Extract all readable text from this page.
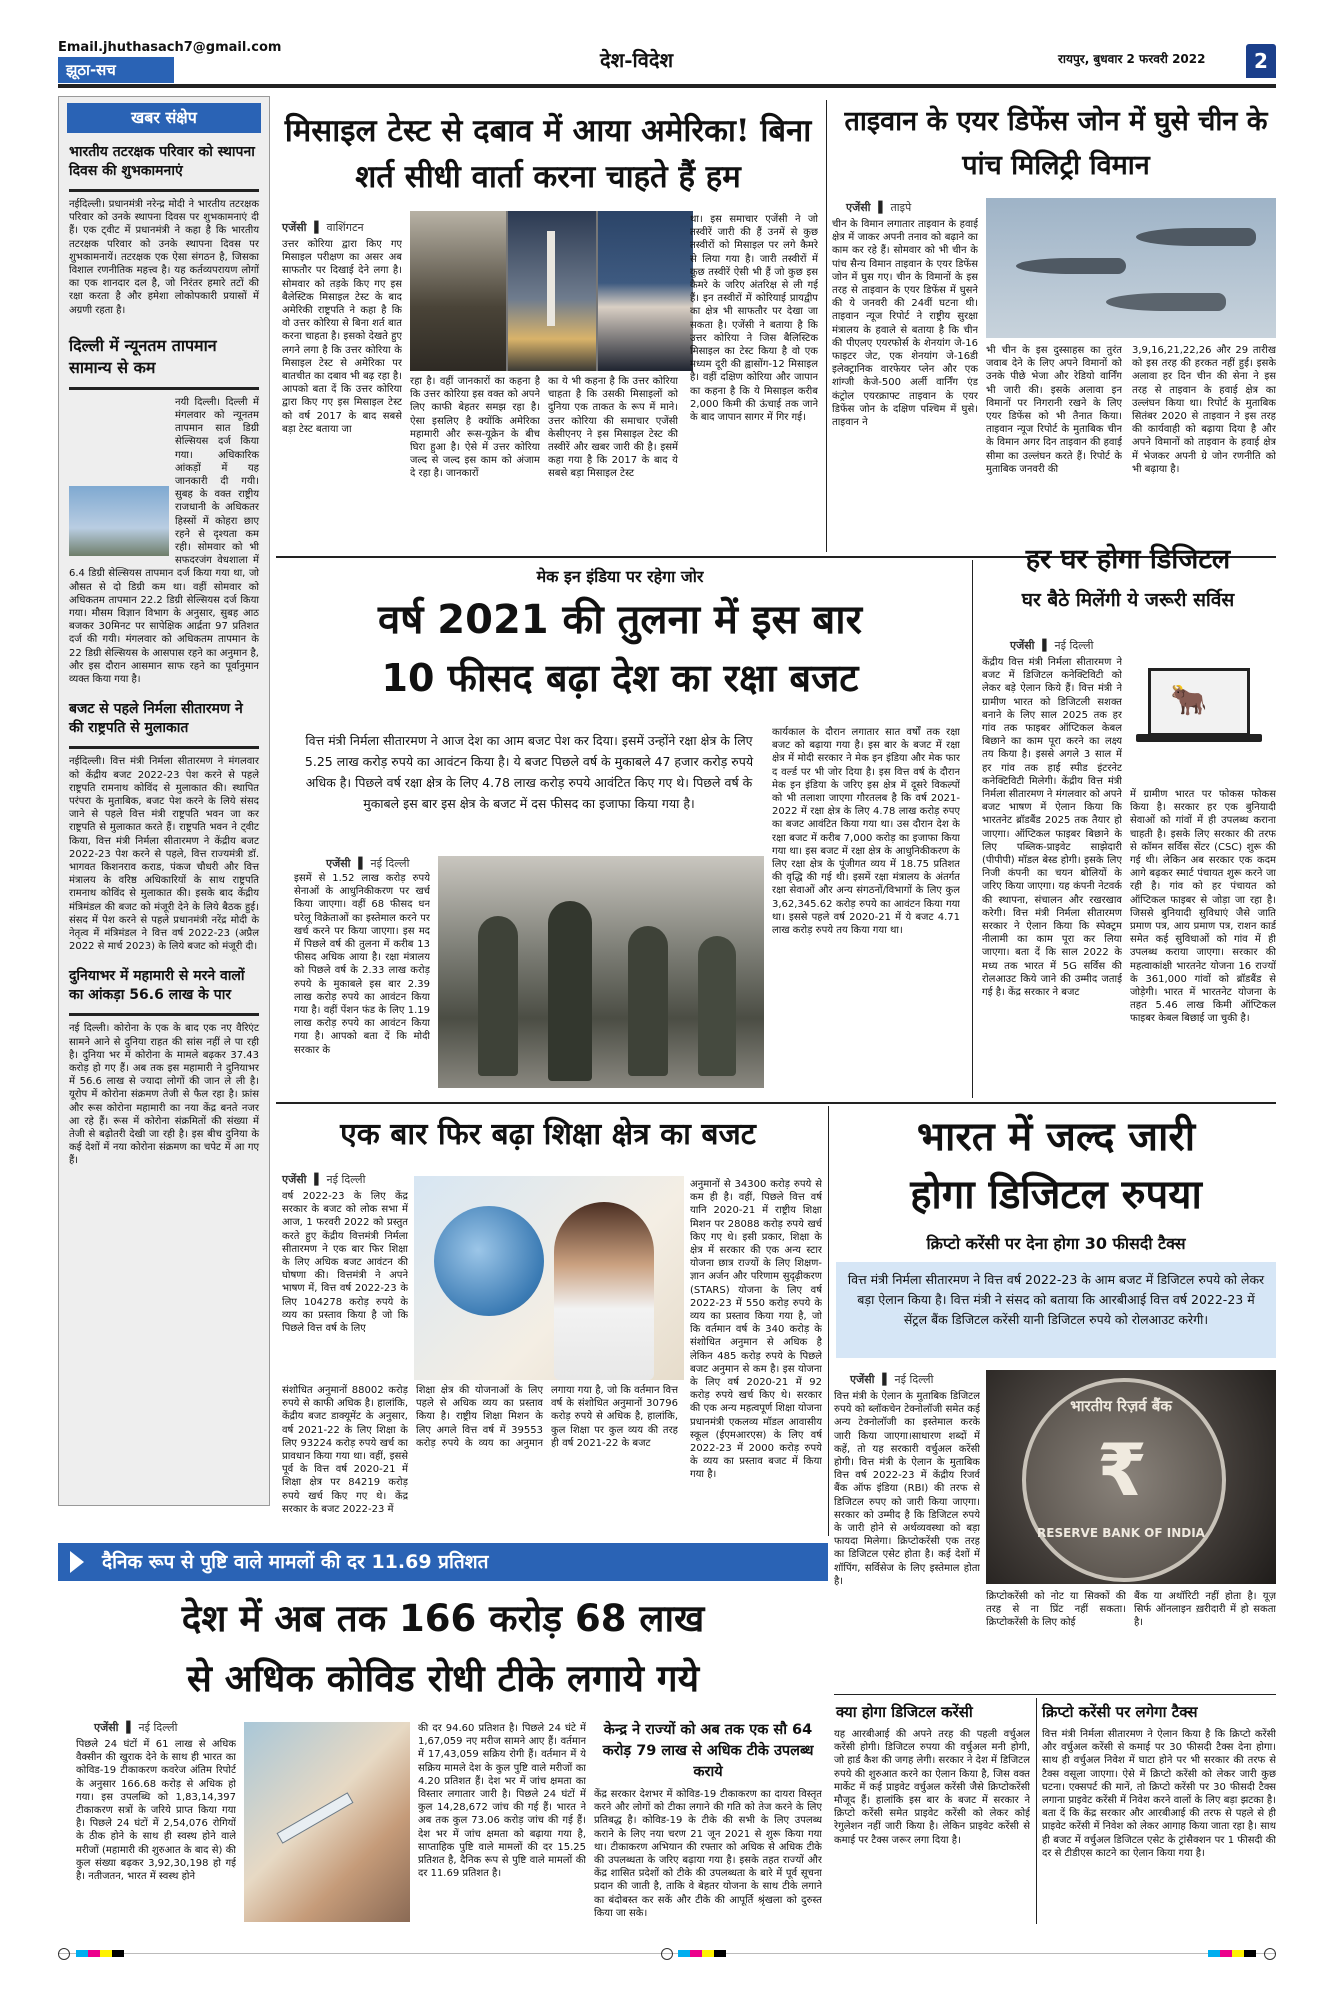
Email.jhuthasach7@gmail.com
झूठा-सच	देश-विदेश	रायपुर, बुधवार 2 फरवरी 2022	2
खबर संक्षेप
भारतीय तटरक्षक परिवार को स्थापना दिवस की शुभकामनाएं
नईदिल्ली। प्रधानमंत्री नरेन्द्र मोदी ने भारतीय तटरक्षक परिवार को उनके स्थापना दिवस पर शुभकामनाएं दी हैं। एक ट्वीट में प्रधानमंत्री ने कहा है कि भारतीय तटरक्षक परिवार को उनके स्थापना दिवस पर शुभकामनायें। तटरक्षक एक ऐसा संगठन है, जिसका विशाल रणनीतिक महत्त्व है। यह कर्तव्यपरायण लोगों का एक शानदार दल है, जो निरंतर हमारे तटों की रक्षा करता है और हमेशा लोकोपकारी प्रयासों में अग्रणी रहता है।
दिल्ली में न्यूनतम तापमान सामान्य से कम
नयी दिल्ली। दिल्ली में मंगलवार को न्यूनतम तापमान सात डिग्री सेल्सियस दर्ज किया गया। अधिकारिक आंकड़ों में यह जानकारी दी गयी। सुबह के वक्त राष्ट्रीय राजधानी के अधिकतर हिस्सों में कोहरा छाए रहने से दृश्यता कम रही। सोमवार को भी सफदरजंग वेधशाला में 6.4 डिग्री सेल्सियस तापमान दर्ज किया गया था, जो औसत से दो डिग्री कम था। वहीं सोमवार को अधिकतम तापमान 22.2 डिग्री सेल्सियस दर्ज किया गया। मौसम विज्ञान विभाग के अनुसार, सुबह आठ बजकर 30मिनट पर सापेक्षिक आर्द्रता 97 प्रतिशत दर्ज की गयी। मंगलवार को अधिकतम तापमान के 22 डिग्री सेल्सियस के आसपास रहने का अनुमान है, और इस दौरान आसमान साफ रहने का पूर्वानुमान व्यक्त किया गया है।
बजट से पहले निर्मला सीतारमण ने की राष्ट्रपति से मुलाकात
नईदिल्ली। वित्त मंत्री निर्मला सीतारमण ने मंगलवार को केंद्रीय बजट 2022-23 पेश करने से पहले राष्ट्रपति रामनाथ कोविंद से मुलाकात की। स्थापित परंपरा के मुताबिक, बजट पेश करने के लिये संसद जाने से पहले वित्त मंत्री राष्ट्रपति भवन जा कर राष्ट्रपति से मुलाकात करते हैं। राष्ट्रपति भवन ने ट्वीट किया, वित्त मंत्री निर्मला सीतारमण ने केंद्रीय बजट 2022-23 पेश करने से पहले, वित्त राज्यमंत्री डॉ. भागवत किशनराव कराड, पंकज चौधरी और वित्त मंत्रालय के वरिष्ठ अधिकारियों के साथ राष्ट्रपति रामनाथ कोविंद से मुलाकात की। इसके बाद केंद्रीय मंत्रिमंडल की बजट को मंजूरी देने के लिये बैठक हुई। संसद में पेश करने से पहले प्रधानमंत्री नरेंद्र मोदी के नेतृत्व में मंत्रिमंडल ने वित्त वर्ष 2022-23 (अप्रैल 2022 से मार्च 2023) के लिये बजट को मंजूरी दी।
दुनियाभर में महामारी से मरने वालों का आंकड़ा 56.6 लाख के पार
नई दिल्ली। कोरोना के एक के बाद एक नए वैरिएंट सामने आने से दुनिया राहत की सांस नहीं ले पा रही है। दुनिया भर में कोरोना के मामले बढ़कर 37.43 करोड़ हो गए हैं। अब तक इस महामारी ने दुनियाभर में 56.6 लाख से ज्यादा लोगों की जान ले ली है। यूरोप में कोरोना संक्रमण तेजी से फैल रहा है। फ्रांस और रूस कोरोना महामारी का नया केंद्र बनते नजर आ रहे हैं। रूस में कोरोना संक्रमितों की संख्या में तेजी से बढ़ोतरी देखी जा रही है। इस बीच दुनिया के कई देशों में नया कोरोना संक्रमण का चपेट में आ गए हैं।
मिसाइल टेस्ट से दबाव में आया अमेरिका! बिना शर्त सीधी वार्ता करना चाहते हैं हम
एजेंसी  ▌ वाशिंगटन
उत्तर कोरिया द्वारा किए गए मिसाइल परीक्षण का असर अब साफतौर पर दिखाई देने लगा है। सोमवार को तड़के किए गए इस बैलेस्टिक मिसाइल टेस्ट के बाद अमेरिकी राष्ट्रपति ने कहा है कि वो उत्तर कोरिया से बिना शर्त बात करना चाहता है। इसको देखते हुए लगने लगा है कि उत्तर कोरिया के मिसाइल टेस्ट से अमेरिका पर बातचीत का दबाव भी बढ़ रहा है। आपको बता दें कि उत्तर कोरिया द्वारा किए गए इस मिसाइल टेस्ट को वर्ष 2017 के बाद सबसे बड़ा टेस्ट बताया जा
रहा है। वहीं जानकारों का कहना है कि उत्तर कोरिया इस वक्त को अपने लिए काफी बेहतर समझ रहा है। ऐसा इसलिए है क्योंकि अमेरिका महामारी और रूस-यूक्रेन के बीच घिरा हुआ है। ऐसे में उत्तर कोरिया जल्द से जल्द इस काम को अंजाम दे रहा है। जानकारों
का ये भी कहना है कि उत्तर कोरिया चाहता है कि उसकी मिसाइलों को दुनिया एक ताकत के रूप में माने। उत्तर कोरिया की समाचार एजेंसी केसीएनए ने इस मिसाइल टेस्ट की तस्वीरें और खबर जारी की है। इसमें कहा गया है कि 2017 के बाद ये सबसे बड़ा मिसाइल टेस्ट
था। इस समाचार एजेंसी ने जो तस्वीरें जारी की हैं उनमें से कुछ तस्वीरों को मिसाइल पर लगे कैमरे से लिया गया है। जारी तस्वीरों में कुछ तस्वीरें ऐसी भी हैं जो कुछ इस कैमरे के जरिए अंतरिक्ष से ली गई हैं। इन तस्वीरों में कोरियाई प्रायद्वीप का क्षेत्र भी साफतौर पर देखा जा सकता है। एजेंसी ने बताया है कि उत्तर कोरिया ने जिस बैलिस्टिक मिसाइल का टेस्ट किया है वो एक मध्यम दूरी की ह्वासोंग-12 मिसाइल है। वहीं दक्षिण कोरिया और जापान का कहना है कि ये मिसाइल करीब 2,000 किमी की ऊंचाई तक जाने के बाद जापान सागर में गिर गई।
ताइवान के एयर डिफेंस जोन में घुसे चीन के पांच मिलिट्री विमान
एजेंसी  ▌ ताइपे
चीन के विमान लगातार ताइवान के हवाई क्षेत्र में जाकर अपनी तनाव को बढ़ाने का काम कर रहे हैं। सोमवार को भी चीन के पांच सैन्य विमान ताइवान के एयर डिफेंस जोन में घुस गए। चीन के विमानों के इस तरह से ताइवान के एयर डिफेंस में घुसने की ये जनवरी की 24वीं घटना थी। ताइवान न्यूज रिपोर्ट ने राष्ट्रीय सुरक्षा मंत्रालय के हवाले से बताया है कि चीन की पीएलए एयरफोर्स के शेनयांग जे-16 फाइटर जेट, एक शेनयांग जे-16डी इलेक्ट्रानिक वारफेयर प्लेन और एक शांग्जी केजे-500 अर्ली वार्निंग एंड कंट्रोल एयरक्राफ्ट ताइवान के एयर डिफेंस जोन के दक्षिण पश्चिम में घुसे। ताइवान ने
भी चीन के इस दुस्साहस का तुरंत जवाब देने के लिए अपने विमानों को उनके पीछे भेजा और रेडियो वार्निंग भी जारी की। इसके अलावा इन विमानों पर निगरानी रखने के लिए एयर डिफेंस को भी तैनात किया। ताइवान न्यूज रिपोर्ट के मुताबिक चीन के विमान अगर दिन ताइवान की हवाई सीमा का उल्लंघन करते हैं। रिपोर्ट के मुताबिक जनवरी की
3,9,16,21,22,26 और 29 तारीख को इस तरह की हरकत नहीं हुई। इसके अलावा हर दिन चीन की सेना ने इस तरह से ताइवान के हवाई क्षेत्र का उल्लंघन किया था। रिपोर्ट के मुताबिक सितंबर 2020 से ताइवान ने इस तरह की कार्यवाही को बढ़ाया दिया है और अपने विमानों को ताइवान के हवाई क्षेत्र में भेजकर अपनी ग्रे जोन रणनीति को भी बढ़ाया है।
मेक इन इंडिया पर रहेगा जोर
वर्ष 2021 की तुलना में इस बार
10 फीसद बढ़ा देश का रक्षा बजट
वित्त मंत्री निर्मला सीतारमण ने आज देश का आम बजट पेश कर दिया। इसमें उन्होंने रक्षा क्षेत्र के लिए 5.25 लाख करोड़ रुपये का आवंटन किया है। ये बजट पिछले वर्ष के मुकाबले 47 हजार करोड़ रुपये अधिक है। पिछले वर्ष रक्षा क्षेत्र के लिए 4.78 लाख करोड़ रुपये आवंटित किए गए थे। पिछले वर्ष के मुकाबले इस बार इस क्षेत्र के बजट में दस फीसद का इजाफा किया गया है।
एजेंसी  ▌ नई दिल्ली
इसमें से 1.52 लाख करोड़ रुपये सेनाओं के आधुनिकीकरण पर खर्च किया जाएगा। वहीं 68 फीसद धन घरेलू विक्रेताओं का इस्तेमाल करने पर खर्च करने पर किया जाएगा। इस मद में पिछले वर्ष की तुलना में करीब 13 फीसद अधिक आया है। रक्षा मंत्रालय को पिछले वर्ष के 2.33 लाख करोड़ रुपये के मुकाबले इस बार 2.39 लाख करोड़ रुपये का आवंटन किया गया है। वहीं पेंशन फंड के लिए 1.19 लाख करोड़ रुपये का आवंटन किया गया है। आपको बता दें कि मोदी सरकार के
कार्यकाल के दौरान लगातार सात वर्षों तक रक्षा बजट को बढ़ाया गया है। इस बार के बजट में रक्षा क्षेत्र में मोदी सरकार ने मेक इन इंडिया और मेक फार द वर्ल्ड पर भी जोर दिया है। इस वित्त वर्ष के दौरान मेक इन इंडिया के जरिए इस क्षेत्र में दूसरे विकल्पों को भी तलाशा जाएगा गौरतलब है कि वर्ष 2021-2022 में रक्षा क्षेत्र के लिए 4.78 लाख करोड़ रुपए का बजट आवंटित किया गया था। उस दौरान देश के रक्षा बजट में करीब 7,000 करोड़ का इजाफा किया गया था। इस बजट में रक्षा क्षेत्र के आधुनिकीकरण के लिए रक्षा क्षेत्र के पूंजीगत व्यय में 18.75 प्रतिशत की वृद्धि की गई थी। इसमें रक्षा मंत्रालय के अंतर्गत रक्षा सेवाओं और अन्य संगठनों/विभागों के लिए कुल 3,62,345.62 करोड़ रुपये का आवंटन किया गया था। इससे पहले वर्ष 2020-21 में ये बजट 4.71 लाख करोड़ रुपये तय किया गया था।
हर घर होगा डिजिटल
घर बैठे मिलेंगी ये जरूरी सर्विस
एजेंसी  ▌ नई दिल्ली
केंद्रीय वित्त मंत्री निर्मला सीतारमण ने बजट में डिजिटल कनेक्टिविटी को लेकर बड़े ऐलान किये हैं। वित्त मंत्री ने ग्रामीण भारत को डिजिटली सशक्त बनाने के लिए साल 2025 तक हर गांव तक फाइबर ऑप्टिकल केबल बिछाने का काम पूरा करने का लक्ष्य तय किया है। इससे अगले 3 साल में हर गांव तक हाई स्पीड इंटरनेट कनेक्टिविटी मिलेगी। केंद्रीय वित्त मंत्री निर्मला सीतारमण ने मंगलवार को अपने बजट भाषण में ऐलान किया कि भारतनेट ब्रॉडबैंड 2025 तक तैयार हो जाएगा। ऑप्टिकल फाइबर बिछाने के लिए पब्लिक-प्राइवेट साझेदारी (पीपीपी) मॉडल बेस्ड होगी। इसके लिए निजी कंपनी का चयन बोलियों के जरिए किया जाएगा। यह कंपनी नेटवर्क की स्थापना, संचालन और रखरखाव करेगी। वित्त मंत्री निर्मला सीतारमण सरकार ने ऐलान किया कि स्पेक्ट्रम नीलामी का काम पूरा कर लिया जाएगा। बता दें कि साल 2022 के मध्य तक भारत में 5G सर्विस की रोलआउट किये जाने की उम्मीद जताई गई है। केंद्र सरकार ने बजट
🐂
में ग्रामीण भारत पर फोकस फोकस किया है। सरकार हर एक बुनियादी सेवाओं को गांवों में ही उपलब्ध कराना चाहती है। इसके लिए सरकार की तरफ से कॉमन सर्विस सेंटर (CSC) शुरू की गई थी। लेकिन अब सरकार एक कदम आगे बढ़कर स्मार्ट पंचायत शुरू करने जा रही है। गांव को हर पंचायत को ऑप्टिकल फाइबर से जोड़ा जा रहा है। जिससे बुनियादी सुविधाएं जैसे जाति प्रमाण पत्र, आय प्रमाण पत्र, राशन कार्ड समेत कई सुविधाओं को गांव में ही उपलब्ध कराया जाएगा। सरकार की महत्वाकांक्षी भारतनेट योजना 16 राज्यों के 361,000 गांवों को ब्रॉडबैंड से जोड़ेगी। भारत में भारतनेट योजना के तहत 5.46 लाख किमी ऑप्टिकल फाइबर केबल बिछाई जा चुकी है।
एक बार फिर बढ़ा शिक्षा क्षेत्र का बजट
एजेंसी  ▌ नई दिल्ली
वर्ष 2022-23 के लिए केंद्र सरकार के बजट को लोक सभा में आज, 1 फरवरी 2022 को प्रस्तुत करते हुए केंद्रीय वित्तमंत्री निर्मला सीतारमण ने एक बार फिर शिक्षा के लिए अधिक बजट आवंटन की घोषणा की। वित्तमंत्री ने अपने भाषण में, वित्त वर्ष 2022-23 के लिए 104278 करोड़ रुपये के व्यय का प्रस्ताव किया है जो कि पिछले वित्त वर्ष के लिए
संशोधित अनुमानों 88002 करोड़ रुपये से काफी अधिक है। हालांकि, केंद्रीय बजट डाक्यूमेंट के अनुसार, वर्ष 2021-22 के लिए शिक्षा के लिए 93224 करोड़ रुपये खर्च का प्रावधान किया गया था। वहीं, इससे पूर्व के वित्त वर्ष 2020-21 में शिक्षा क्षेत्र पर 84219 करोड़ रुपये खर्च किए गए थे। केंद्र सरकार के बजट 2022-23 में
शिक्षा क्षेत्र की योजनाओं के लिए पहले से अधिक व्यय का प्रस्ताव किया है। राष्ट्रीय शिक्षा मिशन के लिए अगले वित्त वर्ष में 39553 करोड़ रुपये के व्यय का अनुमान लगाया गया है, जो कि वर्तमान वित्त वर्ष के संशोधित अनुमानों 30796 करोड़ रुपये से अधिक है, हालांकि, कुल शिक्षा पर कुल व्यय की तरह ही वर्ष 2021-22 के बजट
अनुमानों से 34300 करोड़ रुपये से कम ही है। वहीं, पिछले वित्त वर्ष यानि 2020-21 में राष्ट्रीय शिक्षा मिशन पर 28088 करोड़ रुपये खर्च किए गए थे। इसी प्रकार, शिक्षा के क्षेत्र में सरकार की एक अन्य स्टार योजना छात्र राज्यों के लिए शिक्षण-ज्ञान अर्जन और परिणाम सुदृढ़ीकरण (STARS) योजना के लिए वर्ष 2022-23 में 550 करोड़ रुपये के व्यय का प्रस्ताव किया गया है, जो कि वर्तमान वर्ष के 340 करोड़ के संशोधित अनुमान से अधिक है लेकिन 485 करोड़ रुपये के पिछले बजट अनुमान से कम है। इस योजना के लिए वर्ष 2020-21 में 92 करोड़ रुपये खर्च किए थे। सरकार की एक अन्य महत्वपूर्ण शिक्षा योजना प्रधानमंत्री एकलव्य मॉडल आवासीय स्कूल (ईएमआरएस) के लिए वर्ष 2022-23 में 2000 करोड़ रुपये के व्यय का प्रस्ताव बजट में किया गया है।
भारत में जल्द जारी
होगा डिजिटल रुपया
क्रिप्टो करेंसी पर देना होगा 30 फीसदी टैक्स
वित्त मंत्री निर्मला सीतारमण ने वित्त वर्ष 2022-23 के आम बजट में डिजिटल रुपये को लेकर बड़ा ऐलान किया है। वित्त मंत्री ने संसद को बताया कि आरबीआई वित्त वर्ष 2022-23 में सेंट्रल बैंक डिजिटल करेंसी यानी डिजिटल रुपये को रोलआउट करेगी।
एजेंसी  ▌ नई दिल्ली
वित्त मंत्री के ऐलान के मुताबिक डिजिटल रुपये को ब्लॉकचेन टेक्नोलॉजी समेत कई अन्य टेक्नोलॉजी का इस्तेमाल करके जारी किया जाएगा।साधारण शब्दों में कहें, तो यह सरकारी वर्चुअल करेंसी होगी। वित्त मंत्री के ऐलान के मुताबिक वित्त वर्ष 2022-23 में केंद्रीय रिजर्व बैंक ऑफ इंडिया (RBI) की तरफ से डिजिटल रुपए को जारी किया जाएगा। सरकार को उम्मीद है कि डिजिटल रुपये के जारी होने से अर्थव्यवस्था को बड़ा फायदा मिलेगा। क्रिप्टोकरेंसी एक तरह का डिजिटल एसेट होता है। कई देशों में शॉपिंग, सर्विसेज के लिए इस्तेमाल होता है।
भारतीय रिज़र्व बैंक
₹
RESERVE BANK OF INDIA
क्रिप्टोकरेंसी को नोट या सिक्कों की तरह से ना प्रिंट नहीं सकता। क्रिप्टोकरेंसी के लिए कोई
बैंक या अथॉरिटी नहीं होता है। यूज़ सिर्फ ऑनलाइन ख़रीदारी में हो सकता है।
क्या होगा डिजिटल करेंसी
यह आरबीआई की अपने तरह की पहली वर्चुअल करेंसी होगी। डिजिटल रुपया की वर्चुअल मनी होगी, जो हार्ड कैश की जगह लेगी। सरकार ने देश में डिजिटल रुपये की शुरुआत करने का ऐलान किया है, जिस वक्त मार्केट में कई प्राइवेट वर्चुअल करेंसी जैसे क्रिप्टोकरेंसी मौजूद हैं। हालांकि इस बार के बजट में सरकार ने क्रिप्टो करेंसी समेत प्राइवेट करेंसी को लेकर कोई रेगुलेशन नहीं जारी किया है। लेकिन प्राइवेट करेंसी से कमाई पर टैक्स जरूर लगा दिया है।
क्रिप्टो करेंसी पर लगेगा टैक्स
वित्त मंत्री निर्मला सीतारमण ने ऐलान किया है कि क्रिप्टो करेंसी और वर्चुअल करेंसी से कमाई पर 30 फीसदी टैक्स देना होगा। साथ ही वर्चुअल निवेश में घाटा होने पर भी सरकार की तरफ से टैक्स वसूला जाएगा। ऐसे में क्रिप्टो करेंसी को लेकर जारी कुछ घटना। एक्सपर्ट की मानें, तो क्रिप्टो करेंसी पर 30 फीसदी टैक्स लगाना प्राइवेट करेंसी में निवेश करने वालों के लिए बड़ा झटका है। बता दें कि केंद्र सरकार और आरबीआई की तरफ से पहले से ही प्राइवेट करेंसी में निवेश को लेकर आगाह किया जाता रहा है। साथ ही बजट में वर्चुअल डिजिटल एसेट के ट्रांसैक्शन पर 1 फीसदी की दर से टीडीएस काटने का ऐलान किया गया है।
दैनिक रूप से पुष्टि वाले मामलों की दर 11.69 प्रतिशत
देश में अब तक 166 करोड़ 68 लाख
से अधिक कोविड रोधी टीके लगाये गये
एजेंसी  ▌ नई दिल्ली
पिछले 24 घंटों में 61 लाख से अधिक वैक्सीन की खुराक देने के साथ ही भारत का कोविड-19 टीकाकरण कवरेज अंतिम रिपोर्ट के अनुसार 166.68 करोड़ से अधिक हो गया। इस उपलब्धि को 1,83,14,397 टीकाकरण सत्रों के जरिये प्राप्त किया गया है। पिछले 24 घंटों में 2,54,076 रोगियों के ठीक होने के साथ ही स्वस्थ होने वाले मरीजों (महामारी की शुरुआत के बाद से) की कुल संख्या बढ़कर 3,92,30,198 हो गई है। नतीजतन, भारत में स्वस्थ होने
की दर 94.60 प्रतिशत है। पिछले 24 घंटे में 1,67,059 नए मरीज सामने आए हैं। वर्तमान में 17,43,059 सक्रिय रोगी हैं। वर्तमान में ये सक्रिय मामले देश के कुल पुष्टि वाले मरीजों का 4.20 प्रतिशत हैं। देश भर में जांच क्षमता का विस्तार लगातार जारी है। पिछले 24 घंटों में कुल 14,28,672 जांच की गई हैं। भारत ने अब तक कुल 73.06 करोड़ जांच की गई हैं। देश भर में जांच क्षमता को बढ़ाया गया है, साप्ताहिक पुष्टि वाले मामलों की दर 15.25 प्रतिशत है, दैनिक रूप से पुष्टि वाले मामलों की दर 11.69 प्रतिशत है।
केन्द्र ने राज्यों को अब तक एक सौ 64 करोड़ 79 लाख से अधिक टीके उपलब्ध कराये
केंद्र सरकार देशभर में कोविड-19 टीकाकरण का दायरा विस्तृत करने और लोगों को टीका लगाने की गति को तेज करने के लिए प्रतिबद्ध है। कोविड-19 के टीके की सभी के लिए उपलब्ध कराने के लिए नया चरण 21 जून 2021 से शुरू किया गया था। टीकाकरण अभियान की रफ्तार को अधिक से अधिक टीके की उपलब्धता के जरिए बढ़ाया गया है। इसके तहत राज्यों और केंद्र शासित प्रदेशों को टीके की उपलब्धता के बारे में पूर्व सूचना प्रदान की जाती है, ताकि वे बेहतर योजना के साथ टीके लगाने का बंदोबस्त कर सकें और टीके की आपूर्ति श्रृंखला को दुरुस्त किया जा सके।
